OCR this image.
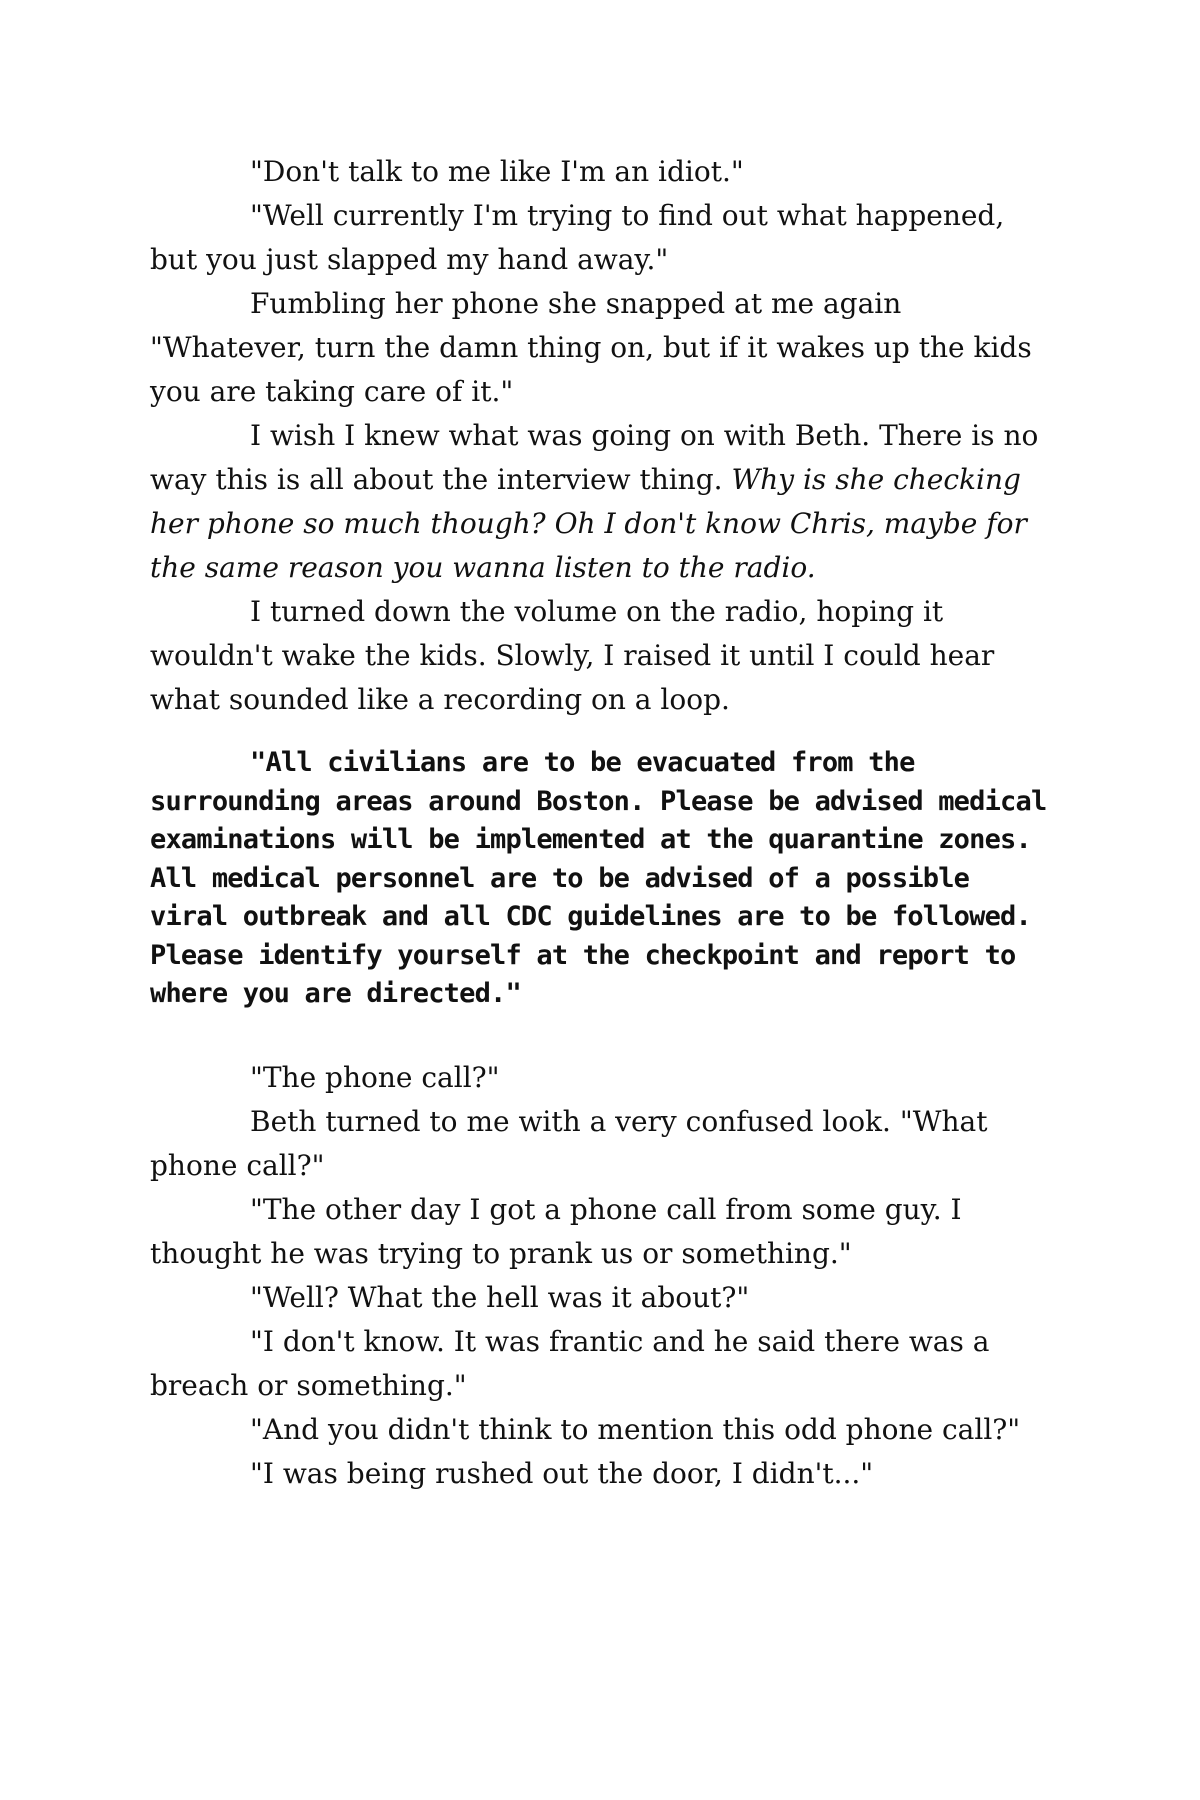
"Don't talk to me like I'm an idiot."

"Well currently I'm trying to find out what happened, but you just slapped my hand away."

Fumbling her phone she snapped at me again "Whatever, turn the damn thing on, but if it wakes up the kids you are taking care of it."

I wish I knew what was going on with Beth. There is no way this is all about the interview thing. Why is she checking her phone so much though? Oh I don't know Chris, maybe for the same reason you wanna listen to the radio.

I turned down the volume on the radio, hoping it wouldn't wake the kids. Slowly, I raised it until I could hear what sounded like a recording on a loop.

"All civilians are to be evacuated from the surrounding areas around Boston. Please be advised medical examinations will be implemented at the quarantine zones. All medical personnel are to be advised of a possible viral outbreak and all CDC guidelines are to be followed. Please identify yourself at the checkpoint and report to where you are directed."

"The phone call?"

Beth turned to me with a very confused look. "What phone call?"

"The other day I got a phone call from some guy. I thought he was trying to prank us or something."

"Well? What the hell was it about?"

"I don't know. It was frantic and he said there was a breach or something."

"And you didn't think to mention this odd phone call?"

"I was being rushed out the door, I didn't..."
